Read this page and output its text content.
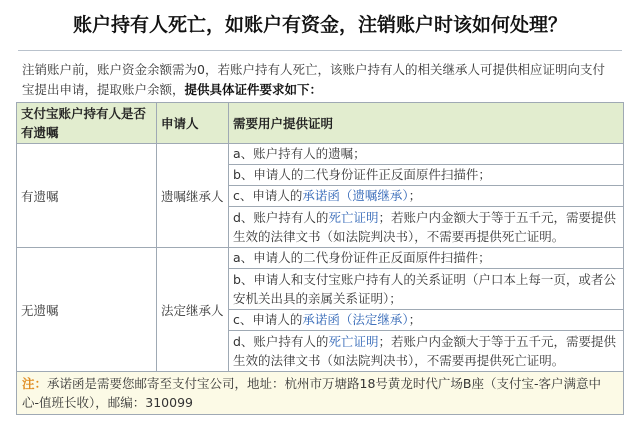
账户持有人死亡，如账户有资金，注销账户时该如何处理？
注销账户前，账户资金余额需为0，若账户持有人死亡，该账户持有人的相关继承人可提供相应证明向支付宝提出申请，提取账户余额，提供具体证件要求如下：
支付宝账户持有人是否有遗嘱	申请人	需要用户提供证明
有遗嘱	遗嘱继承人	a、账户持有人的遗嘱；
		b、申请人的二代身份证件正反面原件扫描件；
		c、申请人的承诺函（遗嘱继承）；
		d、账户持有人的死亡证明；若账户内金额大于等于五千元，需要提供生效的法律文书（如法院判决书），不需要再提供死亡证明。
无遗嘱	法定继承人	a、申请人的二代身份证件正反面原件扫描件；
		b、申请人和支付宝账户持有人的关系证明（户口本上每一页，或者公安机关出具的亲属关系证明）；
		c、申请人的承诺函（法定继承）；
		d、账户持有人的死亡证明；若账户内金额大于等于五千元，需要提供生效的法律文书（如法院判决书），不需要再提供死亡证明。
注：承诺函是需要您邮寄至支付宝公司，地址：杭州市万塘路18号黄龙时代广场B座（支付宝-客户满意中心-值班长收），邮编：310099		
